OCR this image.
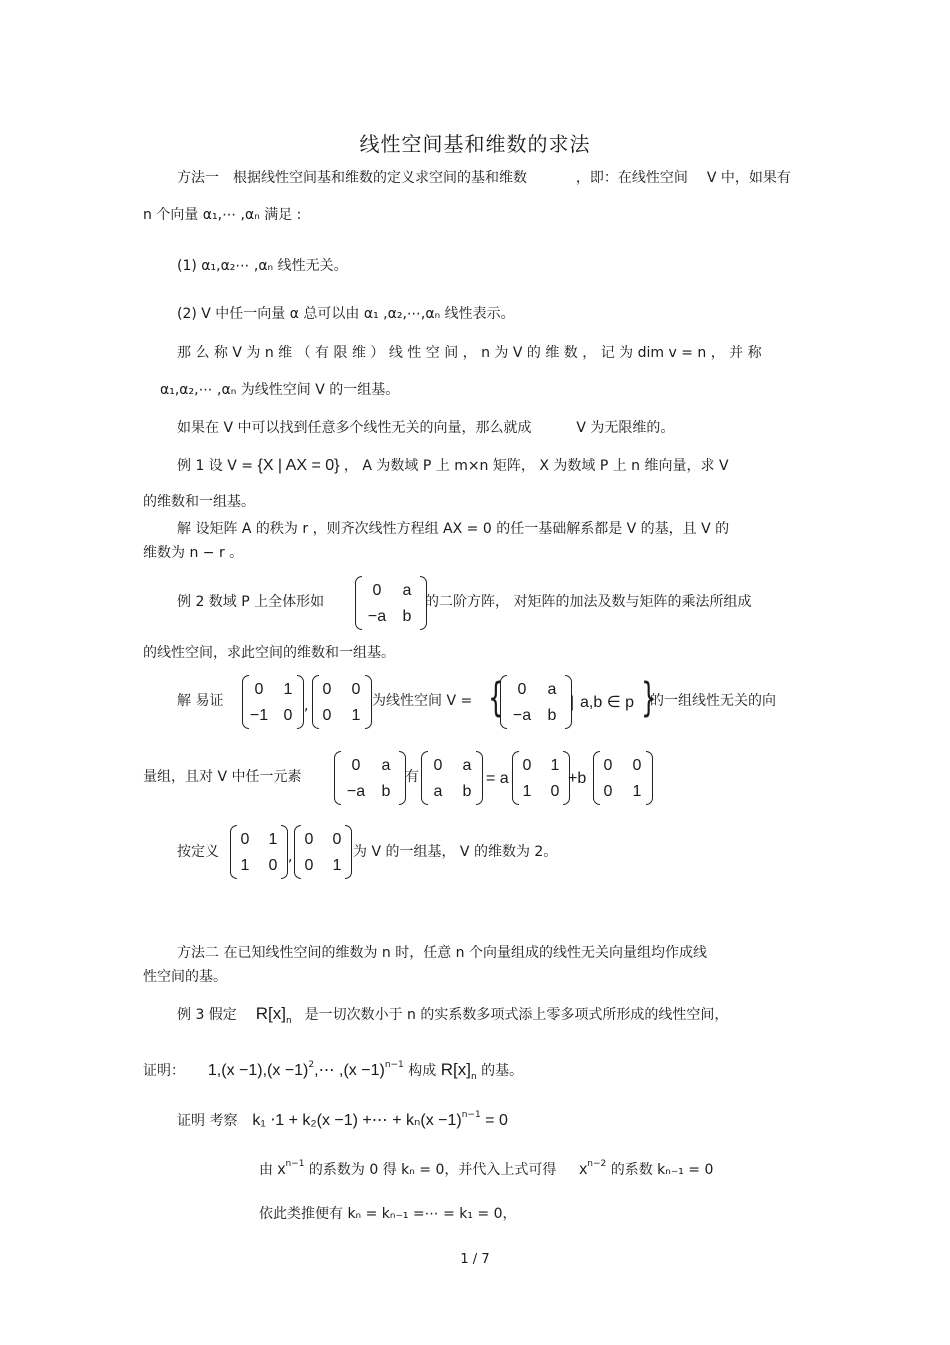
线性空间基和维数的求法
方法一　根据线性空间基和维数的定义求空间的基和维数	，即：在线性空间 V 中，如果有
n 个向量 α₁,⋯ ,αₙ 满足 :
(1) α₁,α₂⋯ ,αₙ 线性无关。
(2) V 中任一向量 α 总可以由 α₁ ,α₂,⋯,αₙ 线性表示。
那 么 称 V 为 n 维 （ 有 限 维 ） 线 性 空 间 ， n 为 V 的 维 数 ， 记 为 dim v = n ， 并 称
α₁,α₂,⋯ ,αₙ 为线性空间 V 的一组基。
如果在 V 中可以找到任意多个线性无关的向量，那么就成	V 为无限维的。
例 1 设 V = {X | AX = 0} ， A 为数域 P 上 m×n 矩阵， X 为数域 P 上 n 维向量，求 V
的维数和一组基。
解 设矩阵 A 的秩为 r ，则齐次线性方程组 AX = 0 的任一基础解系都是 V 的基，且 V 的
维数为 n − r 。
例 2 数域 P 上全体形如
0	a
−a	b
的二阶方阵， 对矩阵的加法及数与矩阵的乘法所组成
的线性空间，求此空间的维数和一组基。
解 易证
0	1
−1 0
,
0	0
0	1
为线性空间 V = { 0	a
−a	b
| a,b ∈ p }
的一组线性无关的向
量组，且对 V 中任一元素
0	a
−a	b
有
0	a
a	b
= a
0	1
1	0
+b
0	0
0	1
按定义
0	1
1	0 ,
0	0
0	1
为 V 的一组基， V 的维数为 2。
方法二 在已知线性空间的维数为 n 时，任意 n 个向量组成的线性无关向量组均作成线
性空间的基。
例 3 假定 $R[x]_n$ 是一切次数小于 n 的实系数多项式添上零多项式所形成的线性空间，
证明： $1,(x -1),(x -1)^2,\cdots$ $,(x -1)^{n-1}$ 构成 $R[x]_n$ 的基。
证明 考察 k₁ ⋅1 + k₂(x −1) +⋯ + $k_n(x -1)^{n-1} = 0$
由 $x^{n-1}$ 的系数为 0 得 kₙ = 0，并代入上式可得 $x^{n-2}$ 的系数 kₙ₋₁ = 0
依此类推便有 kₙ = kₙ₋₁ =⋯ = k₁ = 0，
1 / 7
